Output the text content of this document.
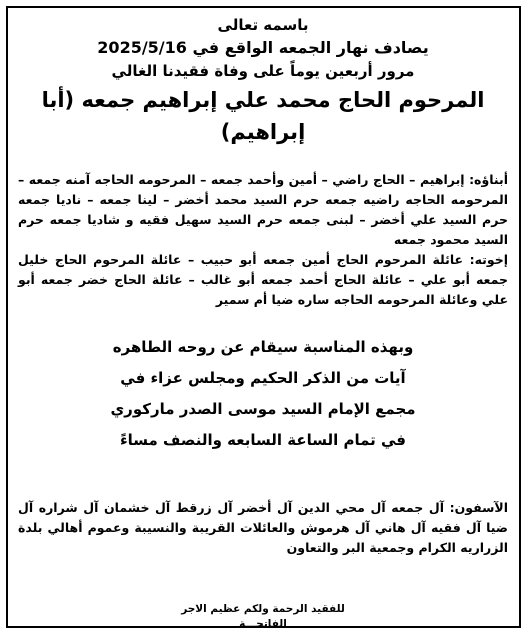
باسمه تعالى
يصادف نهار الجمعه الواقع في 2025/5/16
مرور أربعين يوماً على وفاة فقيدنا الغالي
المرحوم الحاج محمد علي إبراهيم جمعه (أبا إبراهيم)

أبناؤه: إبراهيم – الحاج راضي – أمين وأحمد جمعه – المرحومه الحاجه آمنه جمعه – المرحومه الحاجه راضيه جمعه حرم السيد محمد أخضر – لينا جمعه – ناديا جمعه حرم السيد علي أخضر – لبنى جمعه حرم السيد سهيل فقيه و شاديا جمعه حرم السيد محمود جمعه

إخوته: عائلة المرحوم الحاج أمين جمعه أبو حبيب – عائلة المرحوم الحاج خليل جمعه أبو علي – عائلة الحاج أحمد جمعه أبو غالب – عائلة الحاج خضر جمعه أبو علي وعائلة المرحومه الحاجه ساره ضيا أم سمير

وبهذه المناسبة سيقام عن روحه الطاهره
آيات من الذكر الحكيم ومجلس عزاء في
مجمع الإمام السيد موسى الصدر ماركوري
في تمام الساعة السابعه والنصف مساءً

الآسفون: آل جمعه آل محي الدين آل أخضر آل زرقط آل خشمان آل شراره آل ضيا آل فقيه آل هاني آل هرموش والعائلات القريبة والنسيبة وعموم أهالي بلدة الزراريه الكرام وجمعية البر والتعاون

للفقيد الرحمة ولكم عظيم الاجر
الفاتحـــة
